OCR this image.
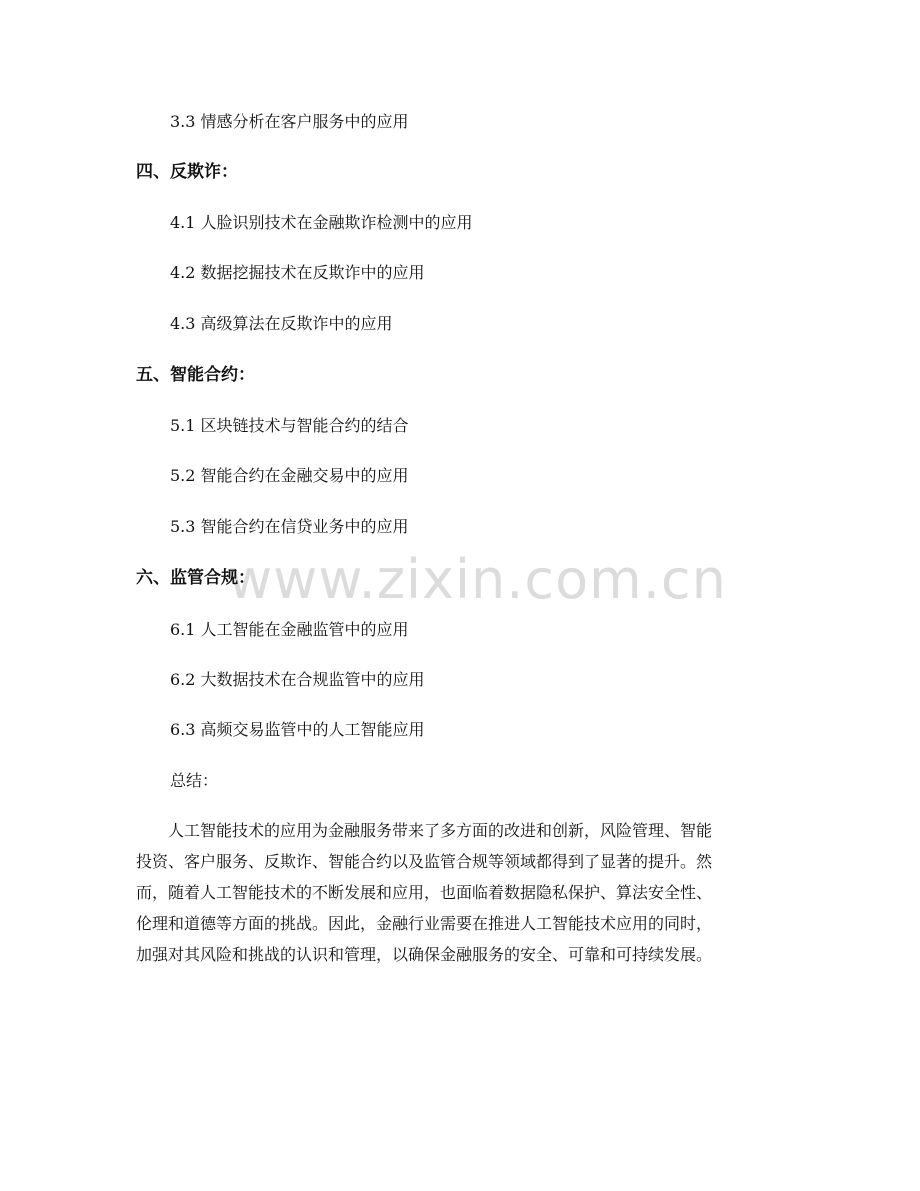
www.zixin.com.cn
3.3 情感分析在客户服务中的应用
四、反欺诈：
4.1 人脸识别技术在金融欺诈检测中的应用
4.2 数据挖掘技术在反欺诈中的应用
4.3 高级算法在反欺诈中的应用
五、智能合约：
5.1 区块链技术与智能合约的结合
5.2 智能合约在金融交易中的应用
5.3 智能合约在信贷业务中的应用
六、监管合规：
6.1 人工智能在金融监管中的应用
6.2 大数据技术在合规监管中的应用
6.3 高频交易监管中的人工智能应用
总结：

　　人工智能技术的应用为金融服务带来了多方面的改进和创新，风险管理、智能

投资、客户服务、反欺诈、智能合约以及监管合规等领域都得到了显著的提升。然

而，随着人工智能技术的不断发展和应用，也面临着数据隐私保护、算法安全性、

伦理和道德等方面的挑战。因此，金融行业需要在推进人工智能技术应用的同时，

加强对其风险和挑战的认识和管理，以确保金融服务的安全、可靠和可持续发展。
